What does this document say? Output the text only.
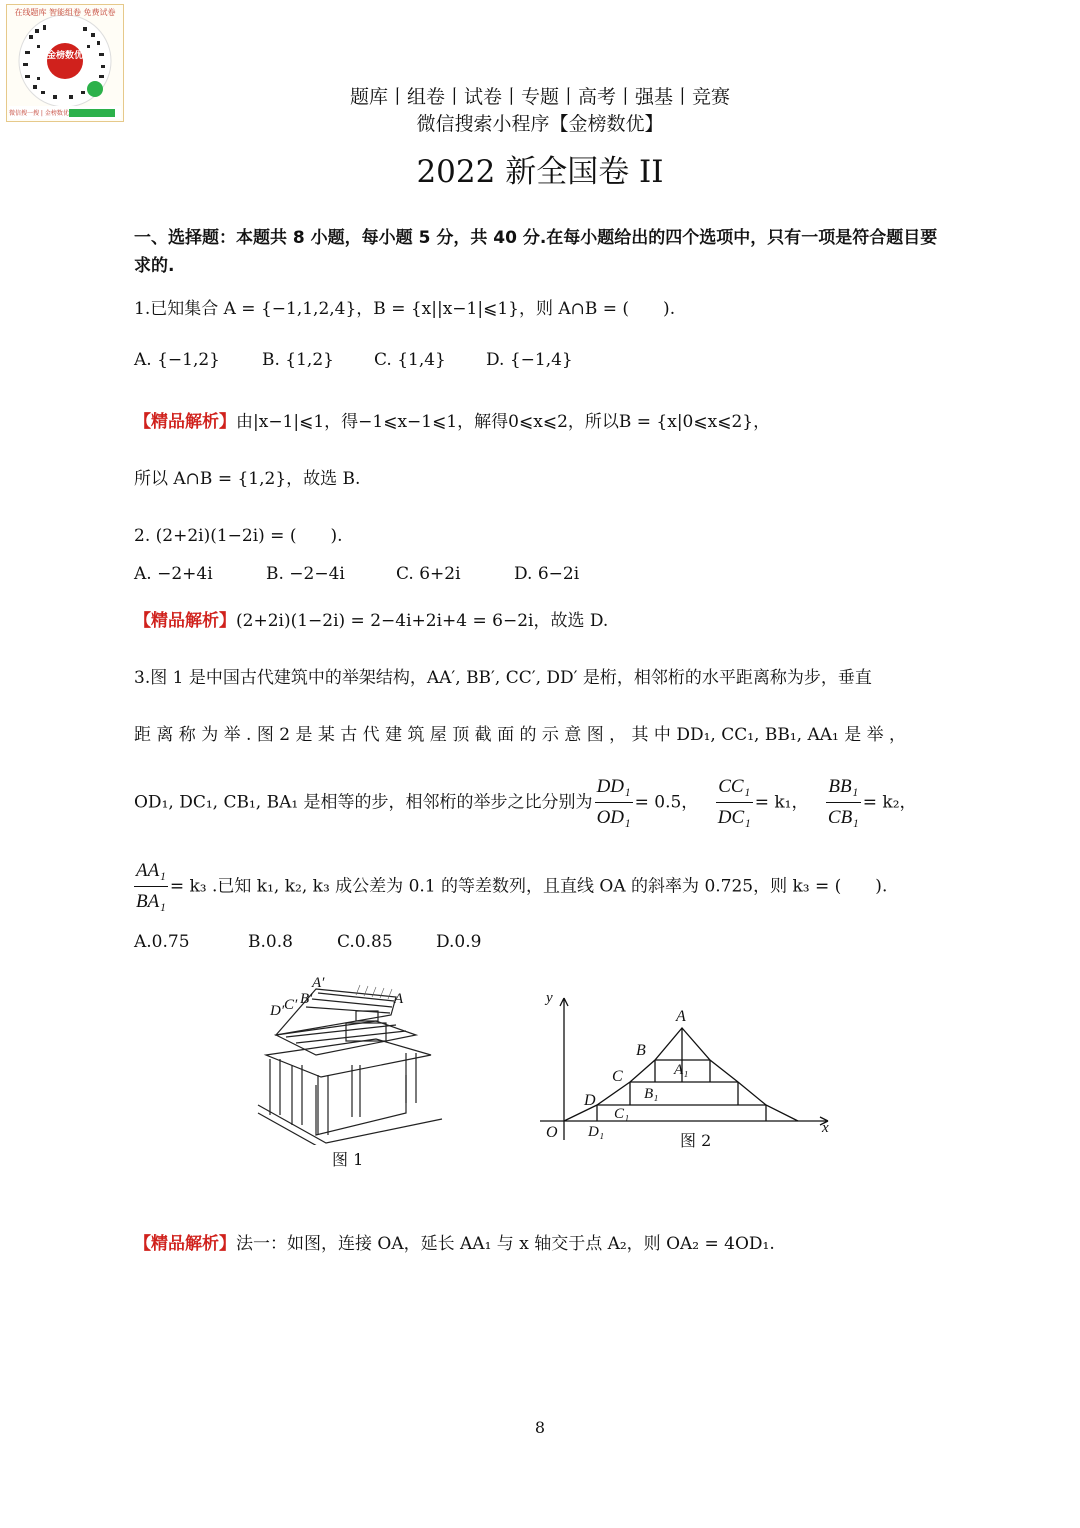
在线题库 智能组卷 免费试卷
金榜数优
微信搜一搜 | 金榜数优
题库丨组卷丨试卷丨专题丨高考丨强基丨竞赛
微信搜索小程序【金榜数优】
2022 新全国卷 II
一、选择题：本题共 8 小题，每小题 5 分，共 40 分.在每小题给出的四个选项中，只有一项是符合题目要求的.
1.已知集合 A = {−1,1,2,4}，B = {x||x−1|⩽1}，则 A∩B = (　　).
A. {−1,2} B. {1,2} C. {1,4} D. {−1,4}
【精品解析】由|x−1|⩽1，得−1⩽x−1⩽1，解得0⩽x⩽2，所以B = {x|0⩽x⩽2}，
所以 A∩B = {1,2}，故选 B.
2. (2+2i)(1−2i) = (　　).
A. −2+4i	B. −2−4i	C. 6+2i	D. 6−2i
【精品解析】(2+2i)(1−2i) = 2−4i+2i+4 = 6−2i，故选 D.
3.图 1 是中国古代建筑中的举架结构，AA′, BB′, CC′, DD′ 是桁，相邻桁的水平距离称为步，垂直
距 离 称 为 举 . 图 2 是 某 古 代 建 筑 屋 顶 截 面 的 示 意 图 ， 其 中 DD₁, CC₁, BB₁, AA₁ 是 举 ，
OD₁, DC₁, CB₁, BA₁ 是相等的步，相邻桁的举步之比分别为 $\frac{\text{DD₁}}{\text{OD₁}} = 0.5$， $\frac{\text{CC₁}}{\text{DC₁}} = k_1$， $\frac{\text{BB₁}}{\text{CB₁}} = k_2$，
$\frac{\text{AA₁}}{\text{BA₁}} = k_3$ .已知 k₁, k₂, k₃ 成公差为 0.1 的等差数列，且直线 OA 的斜率为 0.725，则 k₃ = (　　).
A.0.75	B.0.8	C.0.85	D.0.9
A′
D′ C′ B′	A
图 1
y
x
O
A
B
C
D
A₁
B₁
C₁
D₁	图 2
【精品解析】法一：如图，连接 OA，延长 AA₁ 与 x 轴交于点 A₂，则 OA₂ = 4OD₁.
8
